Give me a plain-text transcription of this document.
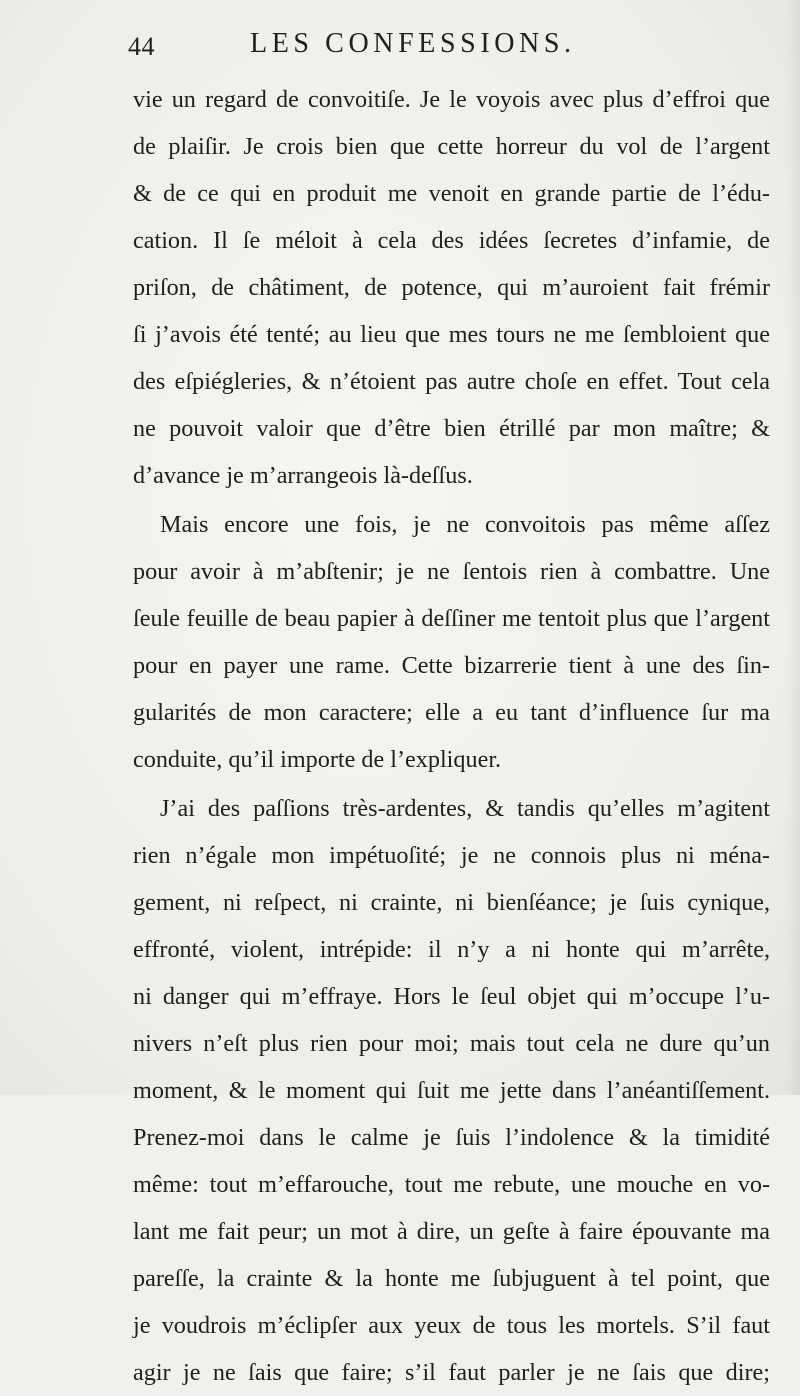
44	LES CONFESSIONS.
vie un regard de convoitiſe. Je le voyois avec plus d’effroi que
de plaiſir. Je crois bien que cette horreur du vol de l’argent
& de ce qui en produit me venoit en grande partie de l’édu-
cation. Il ſe méloit à cela des idées ſecretes d’infamie, de
priſon, de châtiment, de potence, qui m’auroient fait frémir
ſi j’avois été tenté; au lieu que mes tours ne me ſembloient que
des eſpiégleries, & n’étoient pas autre choſe en effet. Tout cela
ne pouvoit valoir que d’être bien étrillé par mon maître; &
d’avance je m’arrangeois là-deſſus.
Mais encore une fois, je ne convoitois pas même aſſez
pour avoir à m’abſtenir; je ne ſentois rien à combattre. Une
ſeule feuille de beau papier à deſſiner me tentoit plus que l’argent
pour en payer une rame. Cette bizarrerie tient à une des ſin-
gularités de mon caractere; elle a eu tant d’influence ſur ma
conduite, qu’il importe de l’expliquer.
J’ai des paſſions très-ardentes, & tandis qu’elles m’agitent
rien n’égale mon impétuoſité; je ne connois plus ni ména-
gement, ni reſpect, ni crainte, ni bienſéance; je ſuis cynique,
effronté, violent, intrépide: il n’y a ni honte qui m’arrête,
ni danger qui m’effraye. Hors le ſeul objet qui m’occupe l’u-
nivers n’eſt plus rien pour moi; mais tout cela ne dure qu’un
moment, & le moment qui ſuit me jette dans l’anéantiſſement.
Prenez-moi dans le calme je ſuis l’indolence & la timidité
même: tout m’effarouche, tout me rebute, une mouche en vo-
lant me fait peur; un mot à dire, un geſte à faire épouvante ma
pareſſe, la crainte & la honte me ſubjuguent à tel point, que
je voudrois m’éclipſer aux yeux de tous les mortels. S’il faut
agir je ne ſais que faire; s’il faut parler je ne ſais que dire;
